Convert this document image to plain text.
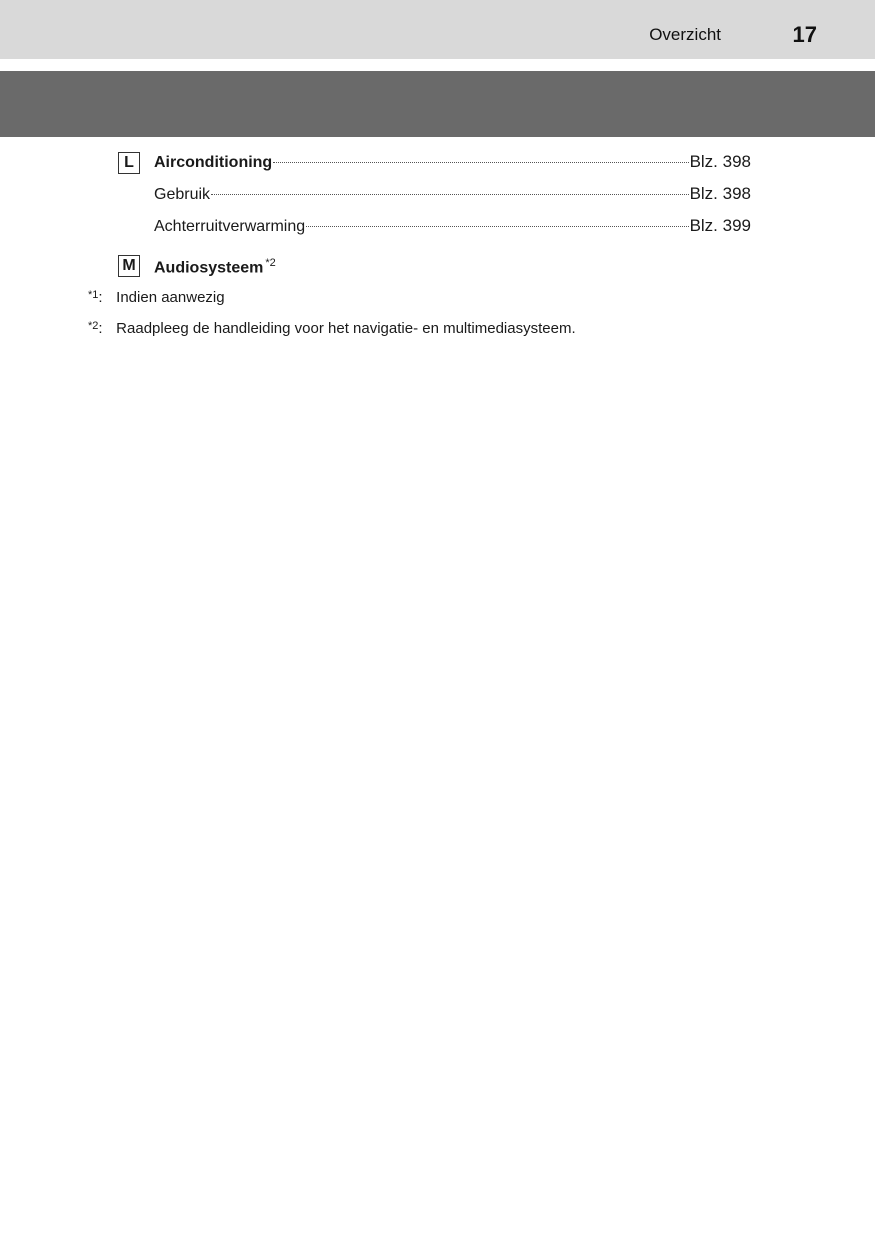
Overzicht	17
L	Airconditioning	Blz. 398
Gebruik	Blz. 398
Achterruitverwarming	Blz. 399
M Audiosysteem $^{*2}$
*1: Indien aanwezig
*2: Raadpleeg de handleiding voor het navigatie- en multimediasysteem.
